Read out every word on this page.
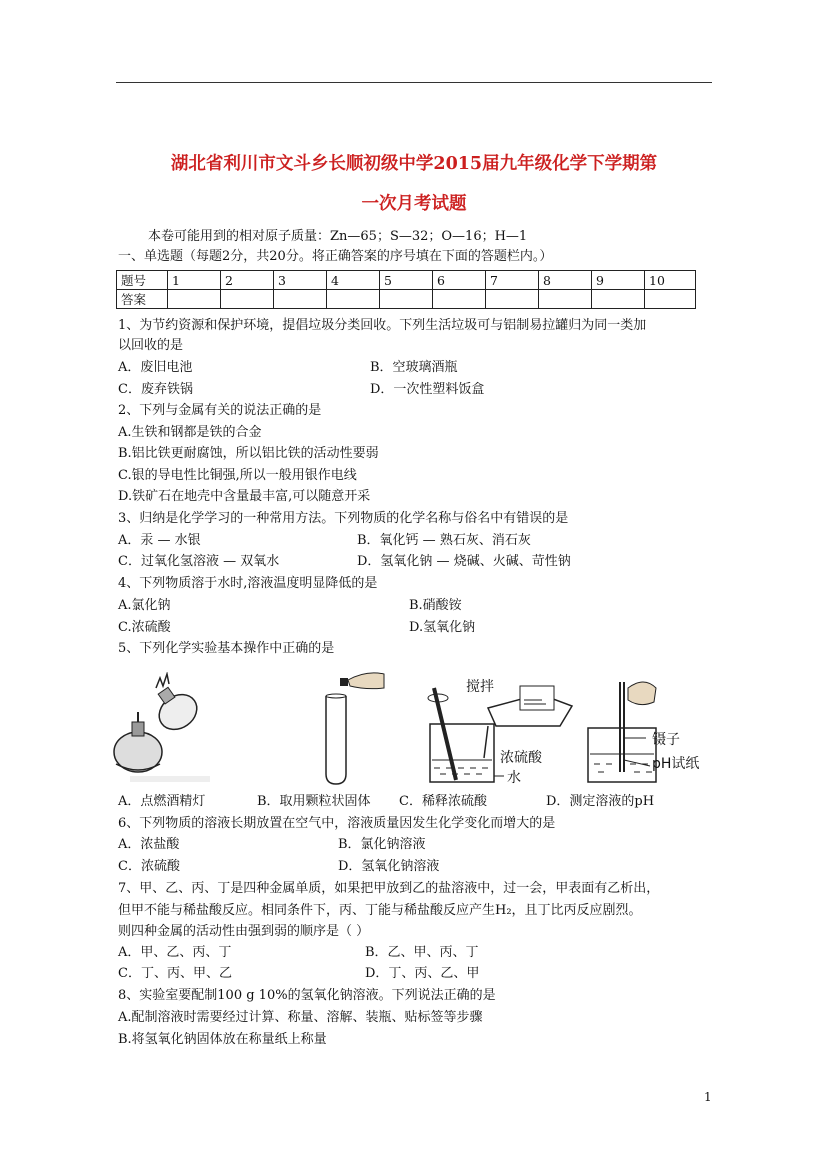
湖北省利川市文斗乡长顺初级中学2015届九年级化学下学期第
一次月考试题
本卷可能用到的相对原子质量：Zn—65；S—32；O—16；H—1
一、单选题（每题2分，共20分。将正确答案的序号填在下面的答题栏内。）
题号	1	2	3	4	5	6	7	8	9	10
答案										
1、为节约资源和保护环境，提倡垃圾分类回收。下列生活垃圾可与铝制易拉罐归为同一类加
以回收的是
A．废旧电池	B．空玻璃酒瓶
C．废弃铁锅	D．一次性塑料饭盒
2、下列与金属有关的说法正确的是
A.生铁和钢都是铁的合金
B.铝比铁更耐腐蚀，所以铝比铁的活动性要弱
C.银的导电性比铜强,所以一般用银作电线
D.铁矿石在地壳中含量最丰富,可以随意开采
3、归纳是化学学习的一种常用方法。下列物质的化学名称与俗名中有错误的是
A．汞 — 水银	B．氧化钙 — 熟石灰、消石灰
C．过氧化氢溶液 — 双氧水	D．氢氧化钠 — 烧碱、火碱、苛性钠
4、下列物质溶于水时,溶液温度明显降低的是
A.氯化钠	B.硝酸铵
C.浓硫酸	D.氢氧化钠
5、下列化学实验基本操作中正确的是
搅拌
浓硫酸
水
镊子
pH试纸
A．点燃酒精灯	B．取用颗粒状固体 C．稀释浓硫酸	D．测定溶液的pH
6、下列物质的溶液长期放置在空气中，溶液质量因发生化学变化而增大的是
A．浓盐酸	B．氯化钠溶液
C．浓硫酸	D．氢氧化钠溶液
7、甲、乙、丙、丁是四种金属单质，如果把甲放到乙的盐溶液中，过一会，甲表面有乙析出，
但甲不能与稀盐酸反应。相同条件下，丙、丁能与稀盐酸反应产生H₂，且丁比丙反应剧烈。
则四种金属的活动性由强到弱的顺序是（ ）
A．甲、乙、丙、丁	B．乙、甲、丙、丁
C．丁、丙、甲、乙	D．丁、丙、乙、甲
8、实验室要配制100 g 10%的氢氧化钠溶液。下列说法正确的是
A.配制溶液时需要经过计算、称量、溶解、装瓶、贴标签等步骤
B.将氢氧化钠固体放在称量纸上称量
1
